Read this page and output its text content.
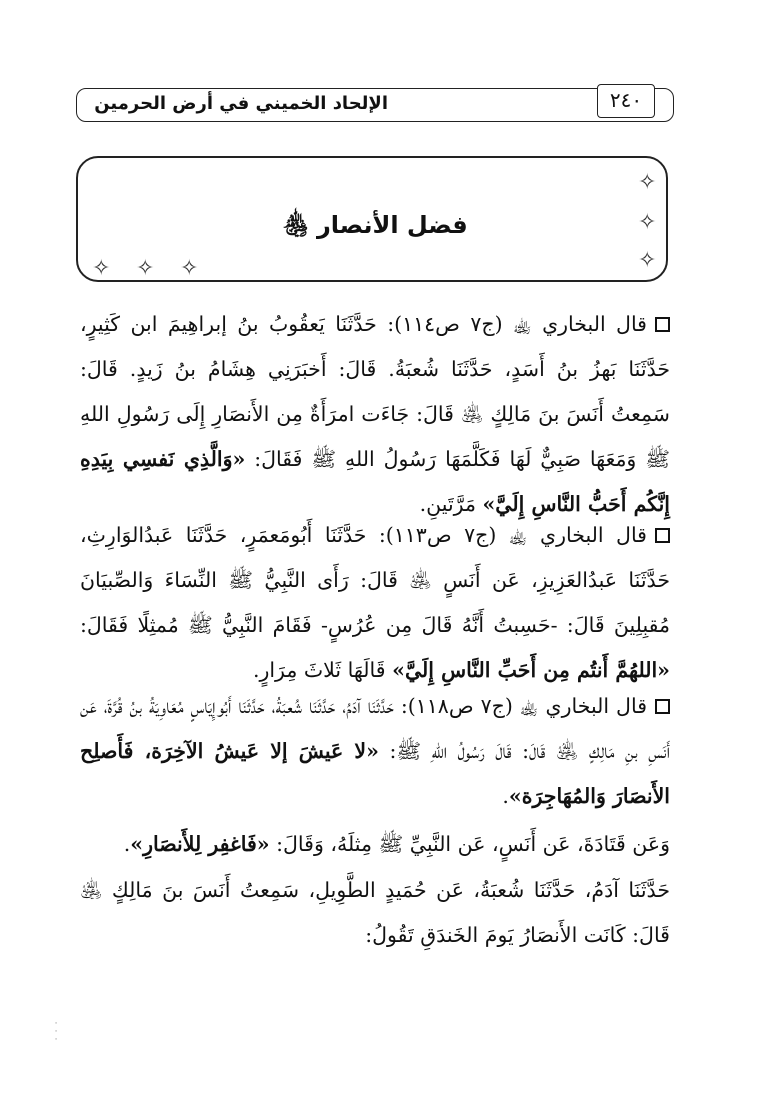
الإلحاد الخميني في أرض الحرمين	٢٤٠
فضل الأنصار ﵃
✧
✧
✧
✧ ✧ ✧
قال البخاري ﵀ (ج٧ ص١١٤): حَدَّثَنَا يَعقُوبُ بنُ إبراهِيمَ ابن كَثِيرٍ، حَدَّثَنَا بَهزُ بنُ أَسَدٍ، حَدَّثَنَا شُعبَةُ. قَالَ: أَخبَرَنِي هِشَامُ بنُ زَيدٍ. قَالَ: سَمِعتُ أَنَسَ بنَ مَالِكٍ ﵁ قَالَ: جَاءَت امرَأَةٌ مِن الأَنصَارِ إِلَى رَسُولِ اللهِ ﷺ وَمَعَهَا صَبِيٌّ لَهَا فَكَلَّمَهَا رَسُولُ اللهِ ﷺ فَقَالَ: «وَالَّذِي نَفسِي بِيَدِهِ إِنَّكُم أَحَبُّ النَّاسِ إِلَيَّ» مَرَّتَينِ.
قال البخاري ﵀ (ج٧ ص١١٣): حَدَّثَنَا أَبُومَعمَرٍ، حَدَّثَنَا عَبدُالوَارِثِ، حَدَّثَنَا عَبدُالعَزِيزِ، عَن أَنَسٍ ﵁ قَالَ: رَأَى النَّبِيُّ ﷺ النِّسَاءَ وَالصِّبيَانَ مُقبِلِينَ قَالَ: -حَسِبتُ أَنَّهُ قَالَ مِن عُرُسٍ- فَقَامَ النَّبِيُّ ﷺ مُمثِلًا فَقَالَ: «اللهُمَّ أَنتُم مِن أَحَبِّ النَّاسِ إِلَيَّ» قَالَهَا ثَلاثَ مِرَارٍ.
قال البخاري ﵀ (ج٧ ص١١٨): حَدَّثَنَا آدَمُ، حَدَّثَنَا شُعبَةُ، حَدَّثَنَا أَبُوإِيَاسٍ مُعَاوِيَةُ بنُ قُرَّةَ، عَن أَنَسِ بنِ مَالِكٍ ﵁ قَالَ: قَالَ رَسُولُ اللهِ ﷺ: «لا عَيشَ إلا عَيشُ الآخِرَة، فَأَصلِح الأَنصَارَ وَالمُهَاجِرَة».
وَعَن قَتَادَةَ، عَن أَنَسٍ، عَن النَّبِيِّ ﷺ مِثلَهُ، وَقَالَ: «فَاغفِر لِلأَنصَارِ».
حَدَّثَنَا آدَمُ، حَدَّثَنَا شُعبَةُ، عَن حُمَيدٍ الطَّوِيلِ، سَمِعتُ أَنَسَ بنَ مَالِكٍ ﵁ قَالَ: كَانَت الأَنصَارُ يَومَ الخَندَقِ تَقُولُ:
·
·
·
